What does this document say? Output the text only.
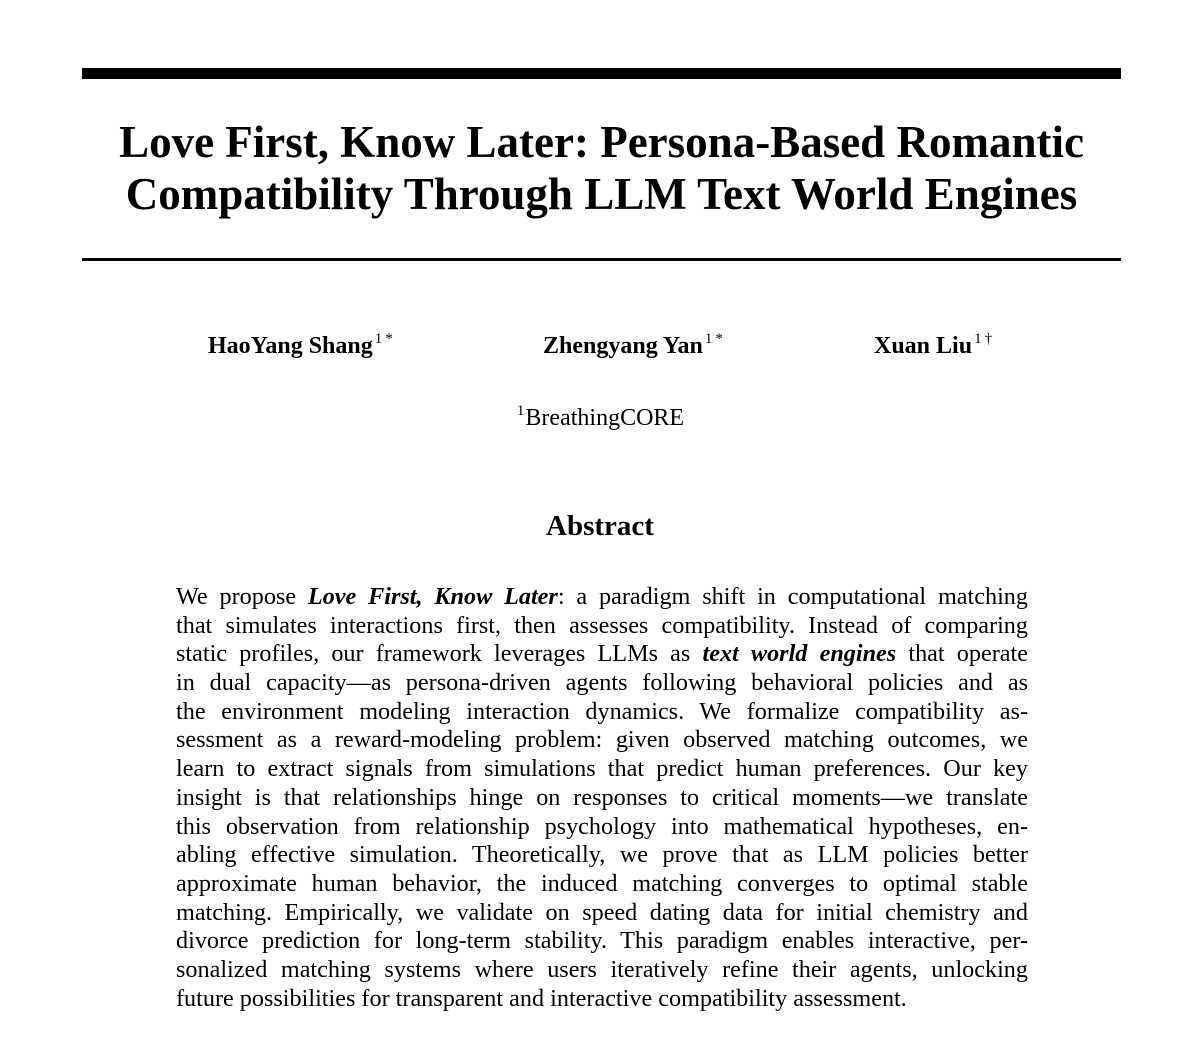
Love First, Know Later: Persona-Based Romantic
Compatibility Through LLM Text World Engines
HaoYang Shang $^{1 *}$	Zhengyang Yan $^{1 *}$	Xuan Liu $^{1 \dagger}$
$^1$BreathingCORE
Abstract
We propose Love First, Know Later: a paradigm shift in computational matching
that simulates interactions first, then assesses compatibility. Instead of comparing
static profiles, our framework leverages LLMs as text world engines that operate
in dual capacity—as persona-driven agents following behavioral policies and as
the environment modeling interaction dynamics. We formalize compatibility as-
sessment as a reward-modeling problem: given observed matching outcomes, we
learn to extract signals from simulations that predict human preferences. Our key
insight is that relationships hinge on responses to critical moments—we translate
this observation from relationship psychology into mathematical hypotheses, en-
abling effective simulation. Theoretically, we prove that as LLM policies better
approximate human behavior, the induced matching converges to optimal stable
matching. Empirically, we validate on speed dating data for initial chemistry and
divorce prediction for long-term stability. This paradigm enables interactive, per-
sonalized matching systems where users iteratively refine their agents, unlocking
future possibilities for transparent and interactive compatibility assessment.
